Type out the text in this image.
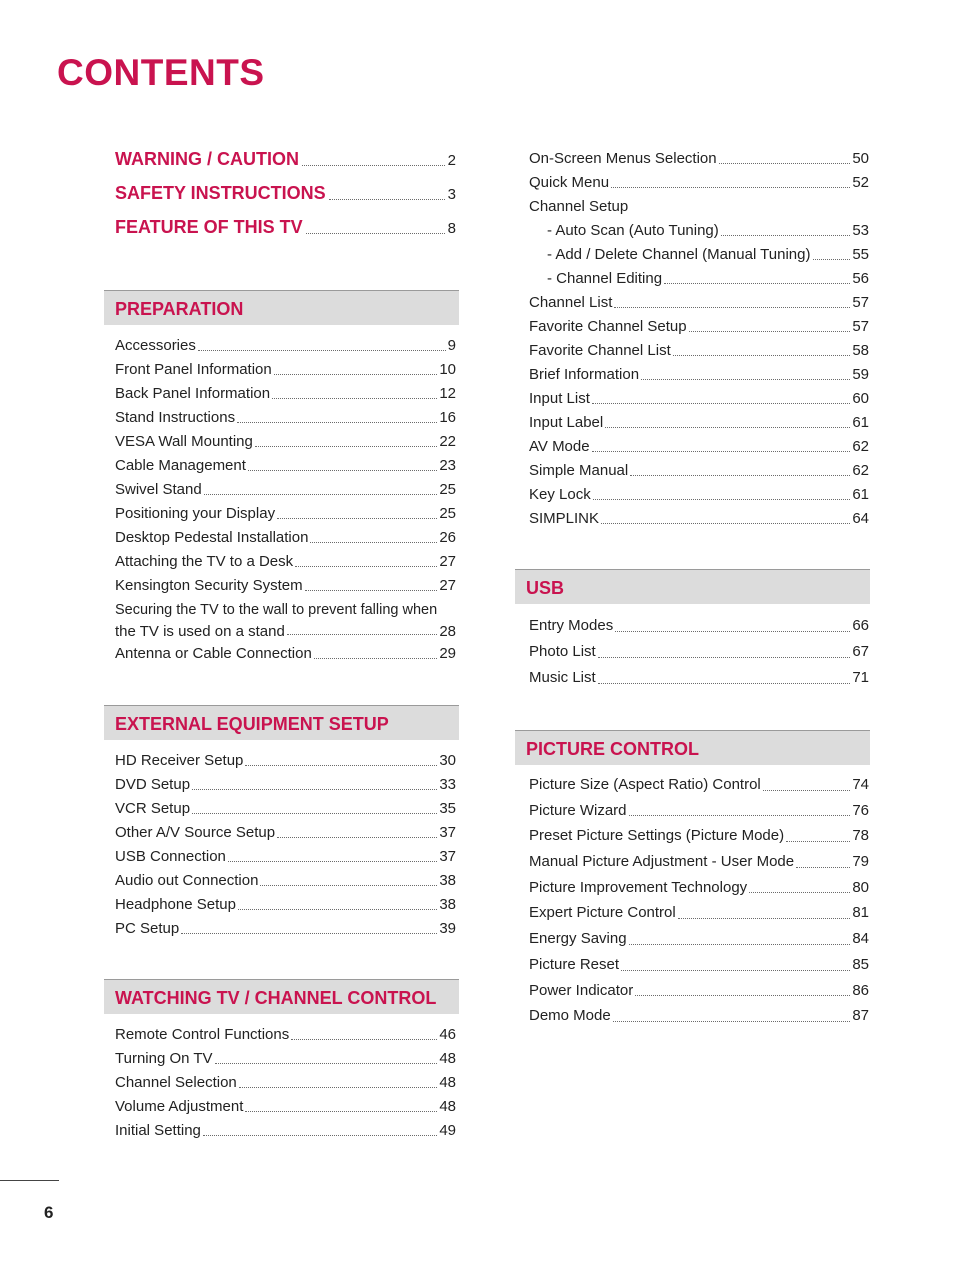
CONTENTS
WARNING / CAUTION	2
SAFETY INSTRUCTIONS	3
FEATURE OF THIS TV	8
PREPARATION
Accessories	9
Front Panel Information	10
Back Panel Information	12
Stand Instructions	16
VESA Wall Mounting	22
Cable Management	23
Swivel Stand	25
Positioning your Display	25
Desktop Pedestal Installation	26
Attaching the TV to a Desk	27
Kensington Security System	27
Securing the TV to the wall to prevent falling when
the TV is used on a stand	28
Antenna or Cable Connection	29
EXTERNAL EQUIPMENT SETUP
HD Receiver Setup	30
DVD Setup	33
VCR Setup	35
Other A/V Source Setup	37
USB Connection	37
Audio out Connection	38
Headphone Setup	38
PC Setup	39
WATCHING TV / CHANNEL CONTROL
Remote Control Functions	46
Turning On TV	48
Channel Selection	48
Volume Adjustment	48
Initial Setting	49
On-Screen Menus Selection	50
Quick Menu	52
Channel Setup
- Auto Scan (Auto Tuning)	53
- Add / Delete Channel (Manual Tuning)	55
- Channel Editing	56
Channel List	57
Favorite Channel Setup	57
Favorite Channel List	58
Brief Information	59
Input List	60
Input Label	61
AV Mode	62
Simple Manual	62
Key Lock	61
SIMPLINK	64
USB
Entry Modes	66
Photo List	67
Music List	71
PICTURE CONTROL
Picture Size (Aspect Ratio) Control	74
Picture Wizard	76
Preset Picture Settings (Picture Mode)	78
Manual Picture Adjustment - User Mode	79
Picture Improvement Technology	80
Expert Picture Control	81
Energy Saving	84
Picture Reset	85
Power Indicator	86
Demo Mode	87
6
